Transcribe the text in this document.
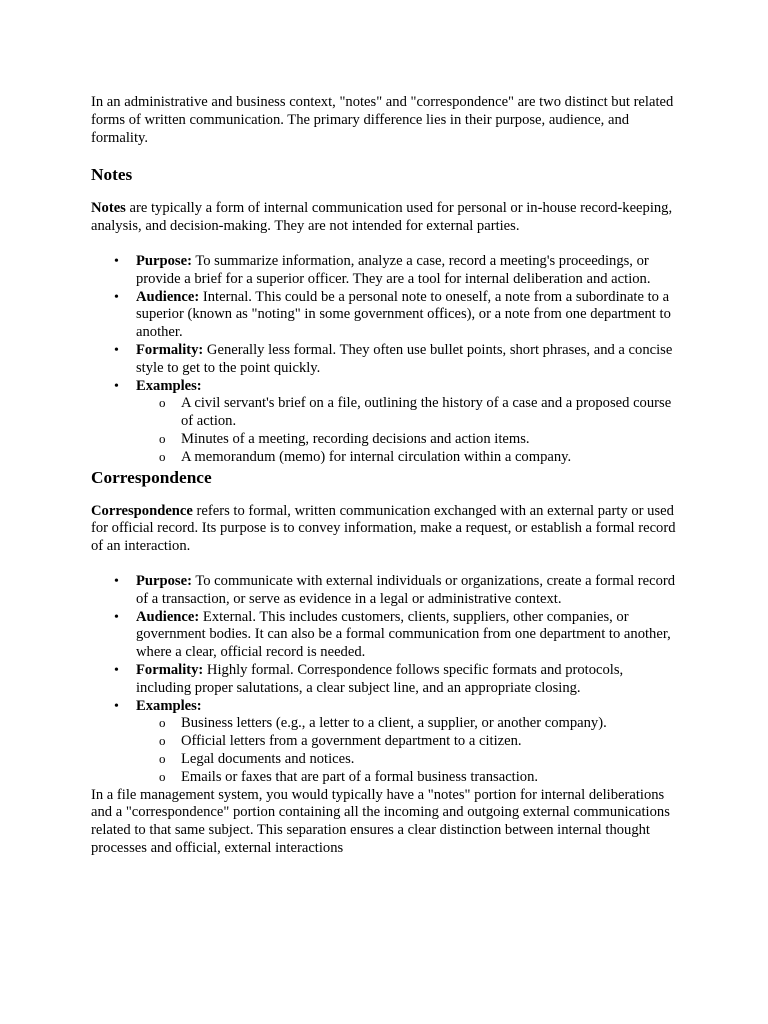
In an administrative and business context, "notes" and "correspondence" are two distinct but related forms of written communication. The primary difference lies in their purpose, audience, and formality.

Notes

Notes are typically a form of internal communication used for personal or in-house record-keeping, analysis, and decision-making. They are not intended for external parties.

• Purpose: To summarize information, analyze a case, record a meeting's proceedings, or provide a brief for a superior officer. They are a tool for internal deliberation and action.
• Audience: Internal. This could be a personal note to oneself, a note from a subordinate to a superior (known as "noting" in some government offices), or a note from one department to another.
• Formality: Generally less formal. They often use bullet points, short phrases, and a concise style to get to the point quickly.
• Examples:
o A civil servant's brief on a file, outlining the history of a case and a proposed course of action.
o Minutes of a meeting, recording decisions and action items.
o A memorandum (memo) for internal circulation within a company.
Correspondence

Correspondence refers to formal, written communication exchanged with an external party or used for official record. Its purpose is to convey information, make a request, or establish a formal record of an interaction.

• Purpose: To communicate with external individuals or organizations, create a formal record of a transaction, or serve as evidence in a legal or administrative context.
• Audience: External. This includes customers, clients, suppliers, other companies, or government bodies. It can also be a formal communication from one department to another, where a clear, official record is needed.
• Formality: Highly formal. Correspondence follows specific formats and protocols, including proper salutations, a clear subject line, and an appropriate closing.
• Examples:
o Business letters (e.g., a letter to a client, a supplier, or another company).
o Official letters from a government department to a citizen.
o Legal documents and notices.
o Emails or faxes that are part of a formal business transaction.

In a file management system, you would typically have a "notes" portion for internal deliberations and a "correspondence" portion containing all the incoming and outgoing external communications related to that same subject. This separation ensures a clear distinction between internal thought processes and official, external interactions
